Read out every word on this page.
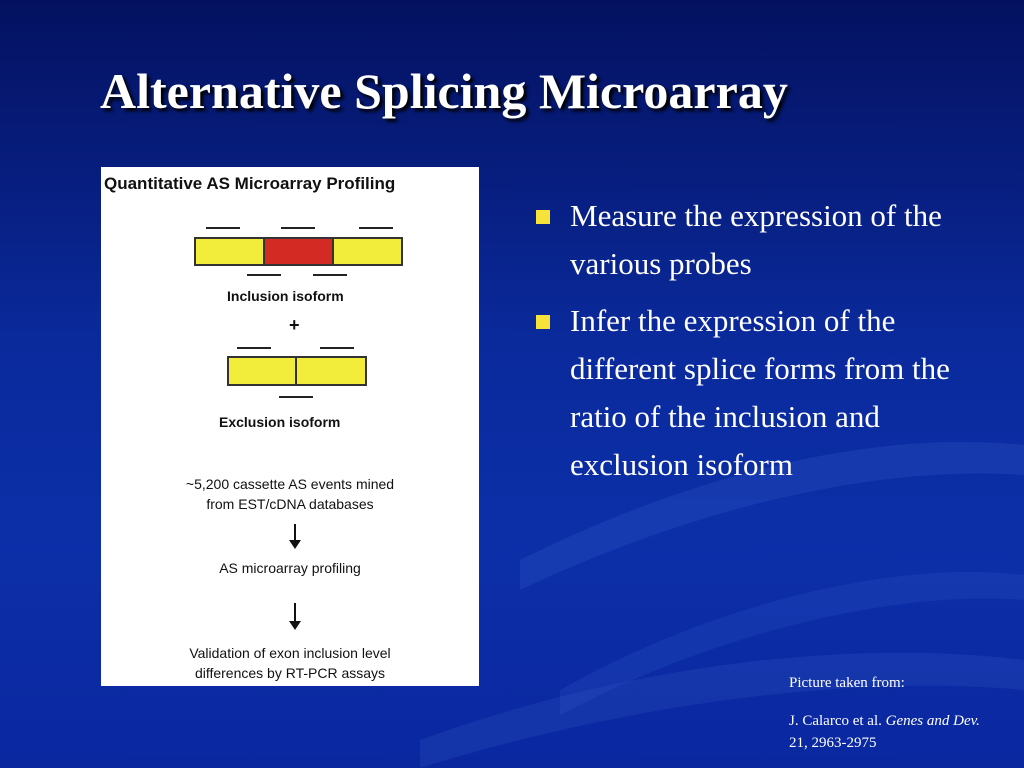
Alternative Splicing Microarray
Quantitative AS Microarray Profiling
Inclusion isoform
+
Exclusion isoform
~5,200 cassette AS events mined
from EST/cDNA databases
AS microarray profiling
Validation of exon inclusion level
differences by RT-PCR assays
Measure the expression of the various probes
Infer the expression of the different splice forms from the ratio of the inclusion and exclusion isoform
Picture taken from:
J. Calarco et al. Genes and Dev. 21, 2963-2975
